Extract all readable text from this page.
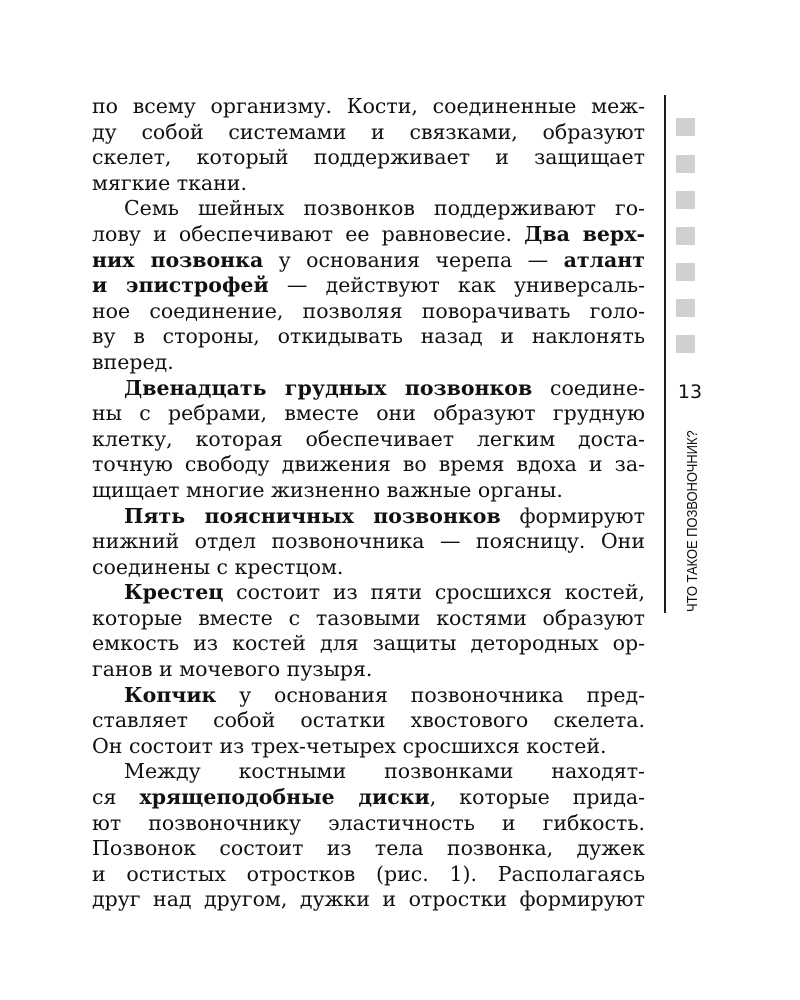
по всему организму. Кости, соединенные меж-
ду собой системами и связками, образуют
скелет, который поддерживает и защищает
мягкие ткани.

Семь шейных позвонков поддерживают го-
лову и обеспечивают ее равновесие. Два верх-
них позвонка у основания черепа — атлант
и эпистрофей — действуют как универсаль-
ное соединение, позволяя поворачивать голо-
ву в стороны, откидывать назад и наклонять
вперед.

Двенадцать грудных позвонков соедине-
ны с ребрами, вместе они образуют грудную
клетку, которая обеспечивает легким доста-
точную свободу движения во время вдоха и за-
щищает многие жизненно важные органы.

Пять поясничных позвонков формируют
нижний отдел позвоночника — поясницу. Они
соединены с крестцом.

Крестец состоит из пяти сросшихся костей,
которые вместе с тазовыми костями образуют
емкость из костей для защиты детородных ор-
ганов и мочевого пузыря.

Копчик у основания позвоночника пред-
ставляет собой остатки хвостового скелета.
Он состоит из трех-четырех сросшихся костей.

Между костными позвонками находят-
ся хрящеподобные диски, которые прида-
ют позвоночнику эластичность и гибкость.
Позвонок состоит из тела позвонка, дужек
и остистых отростков (рис. 1). Располагаясь
друг над другом, дужки и отростки формируют

13
ЧТО ТАКОЕ ПОЗВОНОЧНИК?
